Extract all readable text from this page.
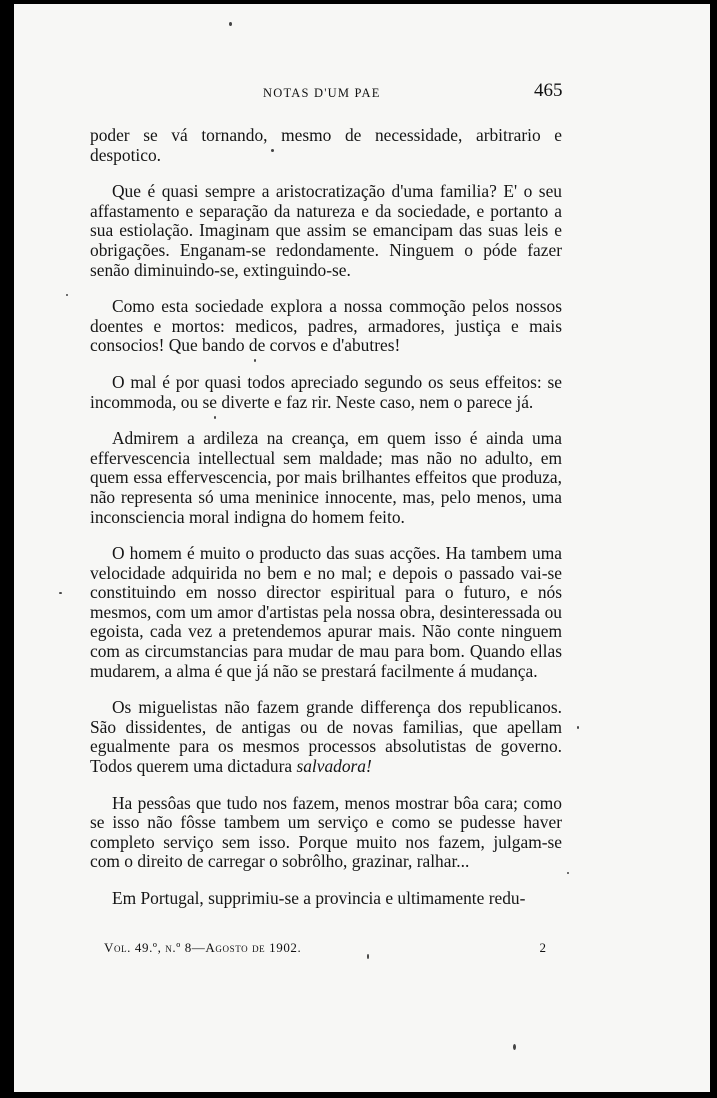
NOTAS D'UM PAE	465

poder se vá tornando, mesmo de necessidade, arbitrario e despotico.

Que é quasi sempre a aristocratização d'uma familia? E' o seu affastamento e separação da natureza e da sociedade, e portanto a sua estiolação. Imaginam que assim se emancipam das suas leis e obrigações. Enganam-se redondamente. Ninguem o póde fazer senão diminuindo-se, extinguindo-se.

Como esta sociedade explora a nossa commoção pelos nossos doentes e mortos: medicos, padres, armadores, justiça e mais consocios! Que bando de corvos e d'abutres!

O mal é por quasi todos apreciado segundo os seus effeitos: se incommoda, ou se diverte e faz rir. Neste caso, nem o parece já.

Admirem a ardileza na creança, em quem isso é ainda uma effervescencia intellectual sem maldade; mas não no adulto, em quem essa effervescencia, por mais brilhantes effeitos que produza, não representa só uma meninice innocente, mas, pelo menos, uma inconsciencia moral indigna do homem feito.

O homem é muito o producto das suas acções. Ha tambem uma velocidade adquirida no bem e no mal; e depois o passado vai-se constituindo em nosso director espiritual para o futuro, e nós mesmos, com um amor d'artistas pela nossa obra, desinteressada ou egoista, cada vez a pretendemos apurar mais. Não conte ninguem com as circumstancias para mudar de mau para bom. Quando ellas mudarem, a alma é que já não se prestará facilmente á mudança.

Os miguelistas não fazem grande differença dos republicanos. São dissidentes, de antigas ou de novas familias, que apellam egualmente para os mesmos processos absolutistas de governo. Todos querem uma dictadura salvadora!

Ha pessôas que tudo nos fazem, menos mostrar bôa cara; como se isso não fôsse tambem um serviço e como se pudesse haver completo serviço sem isso. Porque muito nos fazem, julgam-se com o direito de carregar o sobrôlho, grazinar, ralhar...

Em Portugal, supprimiu-se a provincia e ultimamente redu-

Vol. 49.º, n.º 8—Agosto de 1902.	2
